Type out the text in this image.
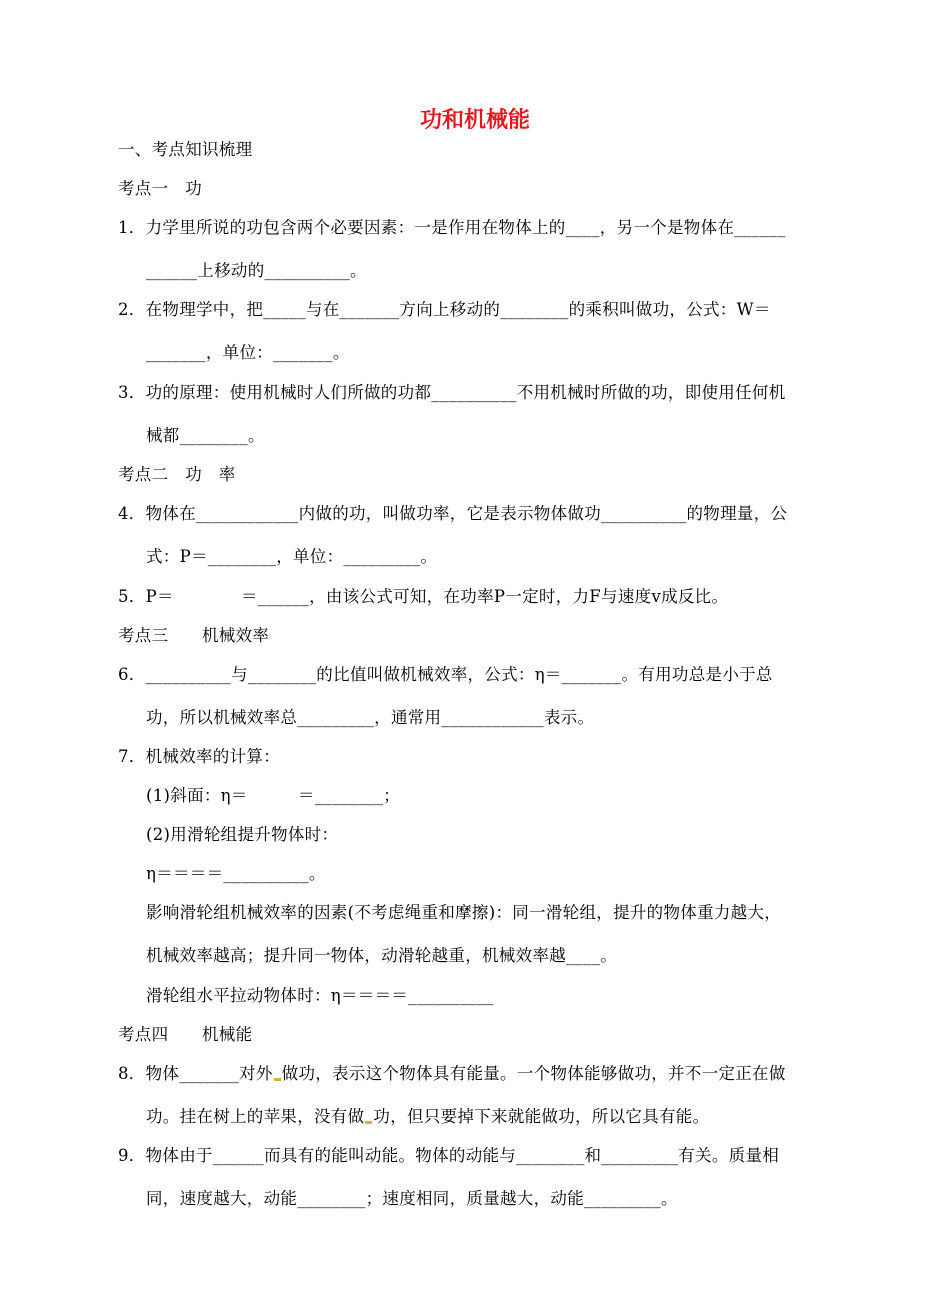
功和机械能
一、考点知识梳理
考点一　功
1．力学里所说的功包含两个必要因素：一是作用在物体上的____，另一个是物体在______
______上移动的__________。
2．在物理学中，把_____与在_______方向上移动的________的乘积叫做功，公式：W＝
_______，单位：_______。
3．功的原理：使用机械时人们所做的功都__________不用机械时所做的功，即使用任何机
械都________。
考点二　功　率
4．物体在____________内做的功，叫做功率，它是表示物体做功__________的物理量，公
式：P＝________，单位：_________。
5．P＝　　　　＝______，由该公式可知，在功率P一定时，力F与速度v成反比。
考点三　　机械效率
6．__________与________的比值叫做机械效率，公式：η＝_______。有用功总是小于总
功，所以机械效率总_________，通常用____________表示。
7．机械效率的计算：
(1)斜面：η＝　　　＝________；
(2)用滑轮组提升物体时：
η＝＝＝＝__________。
影响滑轮组机械效率的因素(不考虑绳重和摩擦)：同一滑轮组，提升的物体重力越大，
机械效率越高；提升同一物体，动滑轮越重，机械效率越____。
滑轮组水平拉动物体时：η＝＝＝＝__________
考点四　　机械能
8．物体_______对外 做功，表示这个物体具有能量。一个物体能够做功，并不一定正在做
功。挂在树上的苹果，没有做 功，但只要掉下来就能做功，所以它具有能。
9．物体由于______而具有的能叫动能。物体的动能与________和_________有关。质量相
同，速度越大，动能________；速度相同，质量越大，动能_________。
